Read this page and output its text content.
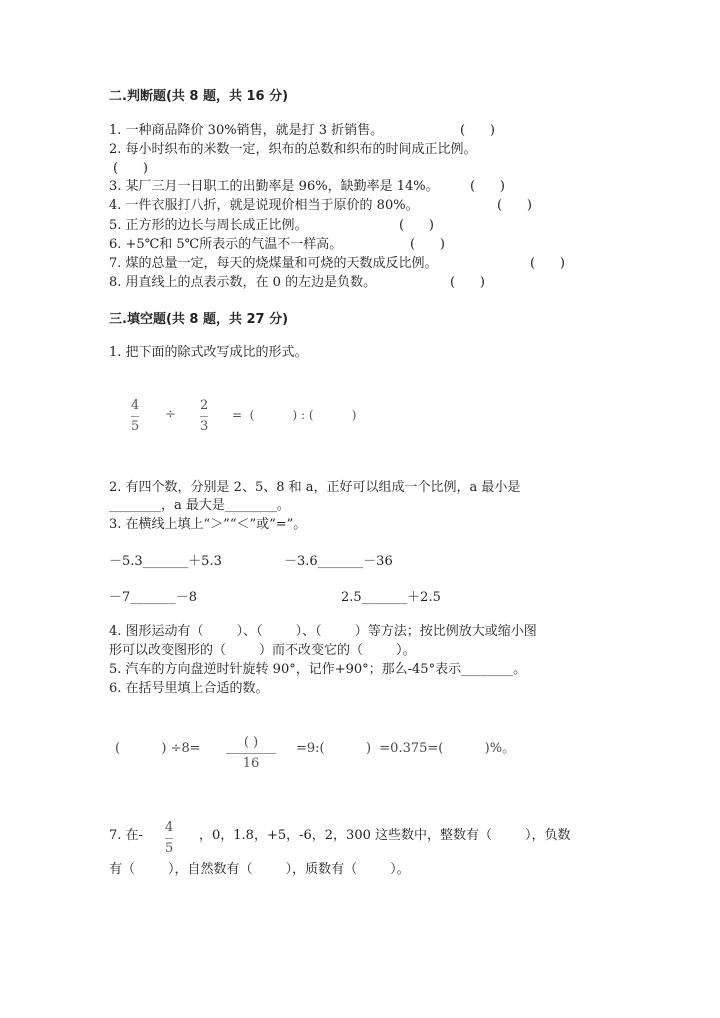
二.判断题(共 8 题，共 16 分)
1. 一种商品降价 30%销售，就是打 3 折销售。	(      )
2. 每小时织布的米数一定，织布的总数和织布的时间成正比例。
(      )
3. 某厂三月一日职工的出勤率是 96%，缺勤率是 14%。 (      )
4. 一件衣服打八折，就是说现价相当于原价的 80%。	(      )
5. 正方形的边长与周长成正比例。	(      )
6. +5℃和 5℃所表示的气温不一样高。	(      )
7. 煤的总量一定，每天的烧煤量和可烧的天数成反比例。	(      )
8. 用直线上的点表示数，在 0 的左边是负数。	(      )
三.填空题(共 8 题，共 27 分)
1. 把下面的除式改写成比的形式。
4
5
÷
2
3
=  (          ) : (          )
2. 有四个数，分别是 2、5、8 和 a，正好可以组成一个比例，a 最小是
________，a 最大是________。
3. 在横线上填上“＞”“＜”或“=”。
－5.3_______＋5.3	－3.6_______－36
－7_______－8	2.5_______＋2.5
4. 图形运动有（        ）、（        ）、（        ）等方法；按比例放大或缩小图
形可以改变图形的（        ）而不改变它的（        ）。
5. 汽车的方向盘逆时针旋转 90°，记作+90°；那么-45°表示________。
6. 在括号里填上合适的数。
(          ) ÷8=	( )
16
=9:(          )  =0.375=(          )%。
7. 在-
4
5
，0，1.8，+5，-6，2，300 这些数中，整数有（        ），负数
有（        ），自然数有（        ），质数有（        ）。
